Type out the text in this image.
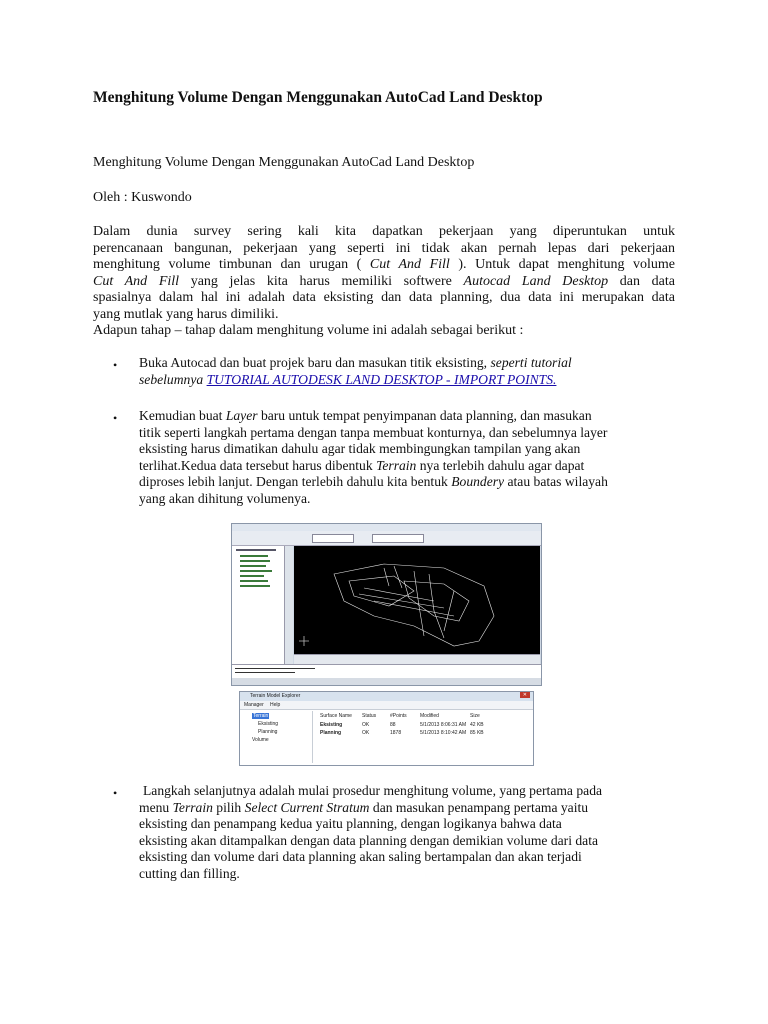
Menghitung Volume Dengan Menggunakan AutoCad Land Desktop
Menghitung Volume Dengan Menggunakan AutoCad Land Desktop
Oleh : Kuswondo
Dalam dunia survey sering kali kita dapatkan pekerjaan yang diperuntukan untuk
perencanaan bangunan, pekerjaan yang seperti ini tidak akan pernah lepas dari pekerjaan
menghitung volume timbunan dan urugan ( Cut And Fill ). Untuk dapat menghitung volume
Cut And Fill yang jelas kita harus memiliki softwere Autocad Land Desktop dan data
spasialnya dalam hal ini adalah data eksisting dan data planning, dua data ini merupakan data
yang mutlak yang harus dimiliki.
Adapun tahap – tahap dalam menghitung volume ini adalah sebagai berikut :
• Buka Autocad dan buat projek baru dan masukan titik eksisting, seperti tutorial
sebelumnya TUTORIAL AUTODESK LAND DESKTOP - IMPORT POINTS.
• Kemudian buat Layer baru untuk tempat penyimpanan data planning, dan masukan
titik seperti langkah pertama dengan tanpa membuat konturnya, dan sebelumnya layer
eksisting harus dimatikan dahulu agar tidak membingungkan tampilan yang akan
terlihat.Kedua data tersebut harus dibentuk Terrain nya terlebih dahulu agar dapat
diproses lebih lanjut. Dengan terlebih dahulu kita bentuk Boundery atau batas wilayah
yang akan dihitung volumenya.
Terrain Model Explorer	✕
Manager Help
Terrain
Eksisting
Planning
Volume
Surface Name Status	#Points	Modified	Size
Eksisting	OK	88	5/1/2013 8:06:31 AM 42 KB
Planning	OK	1878	5/1/2013 8:10:42 AM 85 KB
• Langkah selanjutnya adalah mulai prosedur menghitung volume, yang pertama pada
menu Terrain pilih Select Current Stratum dan masukan penampang pertama yaitu
eksisting dan penampang kedua yaitu planning, dengan logikanya bahwa data
eksisting akan ditampalkan dengan data planning dengan demikian volume dari data
eksisting dan volume dari data planning akan saling bertampalan dan akan terjadi
cutting dan filling.
